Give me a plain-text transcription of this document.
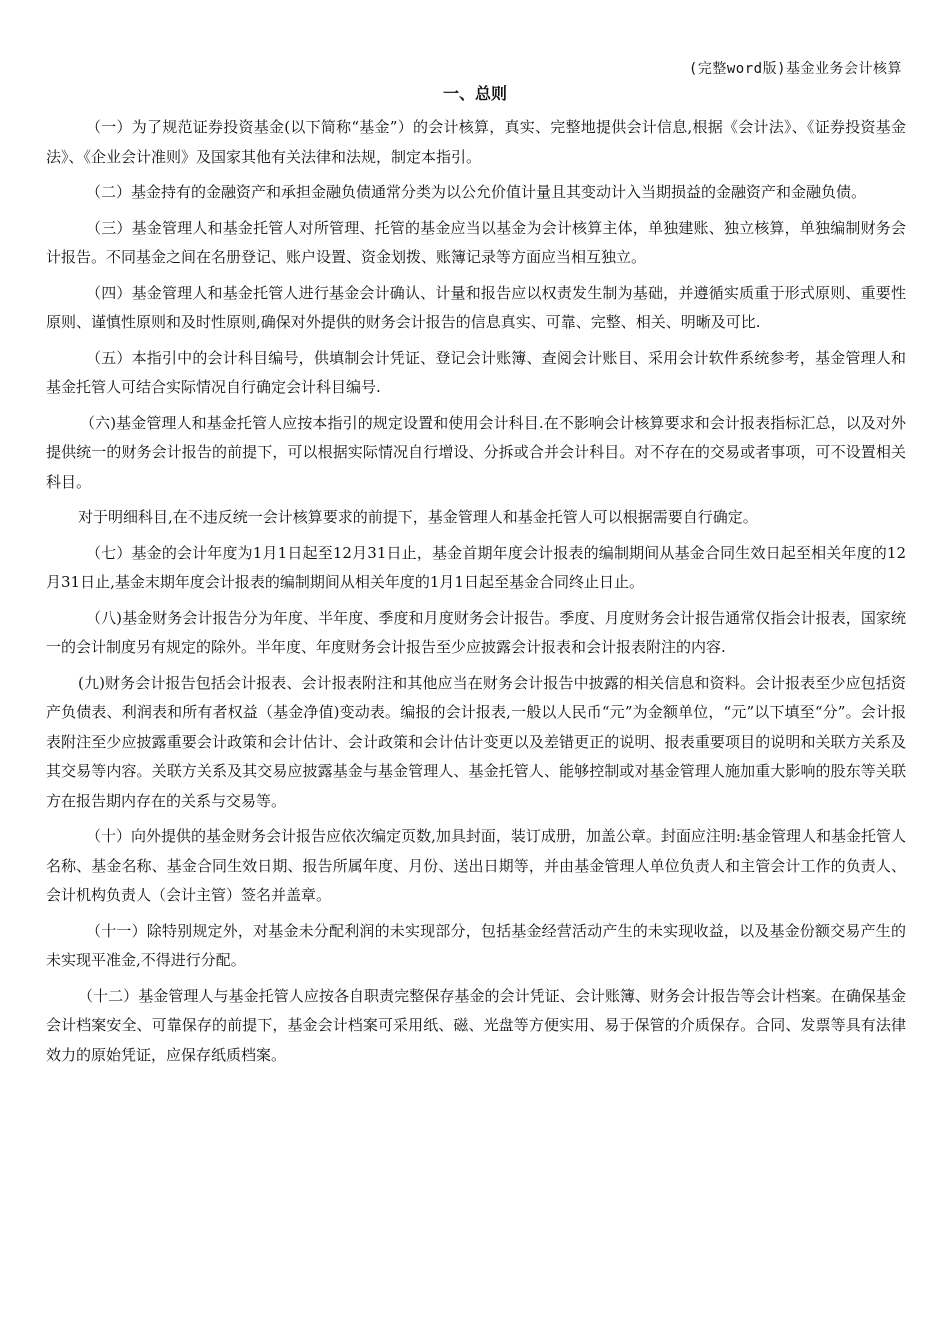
(完整word版)基金业务会计核算
一、总则

（一）为了规范证券投资基金(以下简称“基金”）的会计核算，真实、完整地提供会计信息,根据《会计法》、《证券投资基金法》、《企业会计准则》及国家其他有关法律和法规，制定本指引。

（二）基金持有的金融资产和承担金融负债通常分类为以公允价值计量且其变动计入当期损益的金融资产和金融负债。

（三）基金管理人和基金托管人对所管理、托管的基金应当以基金为会计核算主体，单独建账、独立核算，单独编制财务会计报告。不同基金之间在名册登记、账户设置、资金划拨、账簿记录等方面应当相互独立。

（四）基金管理人和基金托管人进行基金会计确认、计量和报告应以权责发生制为基础，并遵循实质重于形式原则、重要性原则、谨慎性原则和及时性原则,确保对外提供的财务会计报告的信息真实、可靠、完整、相关、明晰及可比.

（五）本指引中的会计科目编号，供填制会计凭证、登记会计账簿、查阅会计账目、采用会计软件系统参考，基金管理人和基金托管人可结合实际情况自行确定会计科目编号.

（六)基金管理人和基金托管人应按本指引的规定设置和使用会计科目.在不影响会计核算要求和会计报表指标汇总，以及对外提供统一的财务会计报告的前提下，可以根据实际情况自行增设、分拆或合并会计科目。对不存在的交易或者事项，可不设置相关科目。

对于明细科目,在不违反统一会计核算要求的前提下，基金管理人和基金托管人可以根据需要自行确定。

（七）基金的会计年度为1月1日起至12月31日止，基金首期年度会计报表的编制期间从基金合同生效日起至相关年度的12月31日止,基金末期年度会计报表的编制期间从相关年度的1月1日起至基金合同终止日止。

（八)基金财务会计报告分为年度、半年度、季度和月度财务会计报告。季度、月度财务会计报告通常仅指会计报表，国家统一的会计制度另有规定的除外。半年度、年度财务会计报告至少应披露会计报表和会计报表附注的内容.

(九)财务会计报告包括会计报表、会计报表附注和其他应当在财务会计报告中披露的相关信息和资料。会计报表至少应包括资产负债表、利润表和所有者权益（基金净值)变动表。编报的会计报表,一般以人民币“元”为金额单位，“元”以下填至“分”。会计报表附注至少应披露重要会计政策和会计估计、会计政策和会计估计变更以及差错更正的说明、报表重要项目的说明和关联方关系及其交易等内容。关联方关系及其交易应披露基金与基金管理人、基金托管人、能够控制或对基金管理人施加重大影响的股东等关联方在报告期内存在的关系与交易等。

（十）向外提供的基金财务会计报告应依次编定页数,加具封面，装订成册，加盖公章。封面应注明:基金管理人和基金托管人名称、基金名称、基金合同生效日期、报告所属年度、月份、送出日期等，并由基金管理人单位负责人和主管会计工作的负责人、会计机构负责人（会计主管）签名并盖章。

（十一）除特别规定外，对基金未分配利润的未实现部分，包括基金经营活动产生的未实现收益，以及基金份额交易产生的未实现平准金,不得进行分配。

（十二）基金管理人与基金托管人应按各自职责完整保存基金的会计凭证、会计账簿、财务会计报告等会计档案。在确保基金会计档案安全、可靠保存的前提下，基金会计档案可采用纸、磁、光盘等方便实用、易于保管的介质保存。合同、发票等具有法律效力的原始凭证，应保存纸质档案。
